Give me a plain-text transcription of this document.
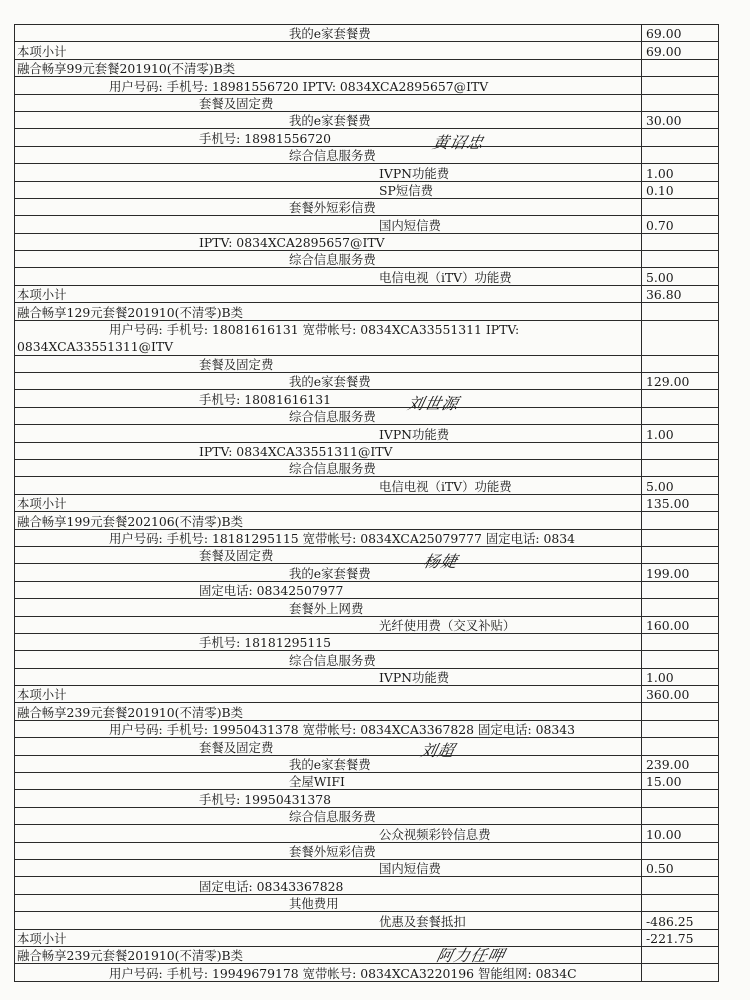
我的e家套餐费	69.00
本项小计	69.00
融合畅享99元套餐201910(不清零)B类	
用户号码: 手机号: 18981556720 IPTV: 0834XCA2895657@ITV	
套餐及固定费	
我的e家套餐费	30.00
手机号: 18981556720	
综合信息服务费	
IVPN功能费	1.00
SP短信费	0.10
套餐外短彩信费	
国内短信费	0.70
IPTV: 0834XCA2895657@ITV	
综合信息服务费	
电信电视（iTV）功能费	5.00
本项小计	36.80
融合畅享129元套餐201910(不清零)B类	

用户号码: 手机号: 18081616131 宽带帐号: 0834XCA33551311 IPTV: 0834XCA33551311@ITV	

套餐及固定费	
我的e家套餐费	129.00
手机号: 18081616131	
综合信息服务费	
IVPN功能费	1.00
IPTV: 0834XCA33551311@ITV	
综合信息服务费	
电信电视（iTV）功能费	5.00
本项小计	135.00
融合畅享199元套餐202106(不清零)B类	
用户号码: 手机号: 18181295115 宽带帐号: 0834XCA25079777 固定电话: 0834	
套餐及固定费	
我的e家套餐费	199.00
固定电话: 08342507977	
套餐外上网费	
光纤使用费（交叉补贴）	160.00
手机号: 18181295115	
综合信息服务费	
IVPN功能费	1.00
本项小计	360.00
融合畅享239元套餐201910(不清零)B类	
用户号码: 手机号: 19950431378 宽带帐号: 0834XCA3367828 固定电话: 08343	
套餐及固定费	
我的e家套餐费	239.00
全屋WIFI	15.00
手机号: 19950431378	
综合信息服务费	
公众视频彩铃信息费	10.00
套餐外短彩信费	
国内短信费	0.50
固定电话: 08343367828	
其他费用	
优惠及套餐抵扣	-486.25
本项小计	-221.75
融合畅享239元套餐201910(不清零)B类	
用户号码: 手机号: 19949679178 宽带帐号: 0834XCA3220196 智能组网: 0834C	
黄诏忠
刘世源
杨婕
刘超
阿力任呷
